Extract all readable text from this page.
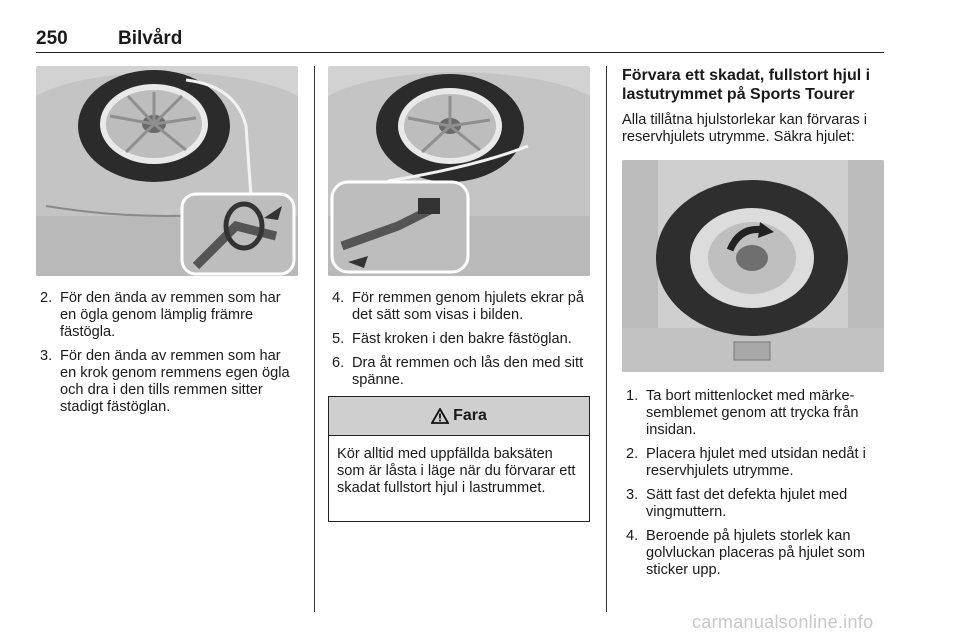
250	Bilvård
2. För den ända av remmen som har en ögla genom lämplig främre fästögla.
3. För den ända av remmen som har en krok genom remmens egen ögla och dra i den tills remmen sitter stadigt fästöglan.
4. För remmen genom hjulets ekrar på det sätt som visas i bilden.
5. Fäst kroken i den bakre fästöglan.
6. Dra åt remmen och lås den med sitt spänne.
Fara
Kör alltid med uppfällda baksäten som är låsta i läge när du förvarar ett skadat fullstort hjul i lastrummet.
Förvara ett skadat, fullstort hjul i lastutrymmet på Sports Tourer
Alla tillåtna hjulstorlekar kan förvaras i reservhjulets utrymme. Säkra hjulet:
1. Ta bort mittenlocket med märkesemblemet genom att trycka från insidan.
2. Placera hjulet med utsidan nedåt i reservhjulets utrymme.
3. Sätt fast det defekta hjulet med vingmuttern.
4. Beroende på hjulets storlek kan golvluckan placeras på hjulet som sticker upp.
carmanualsonline.info
